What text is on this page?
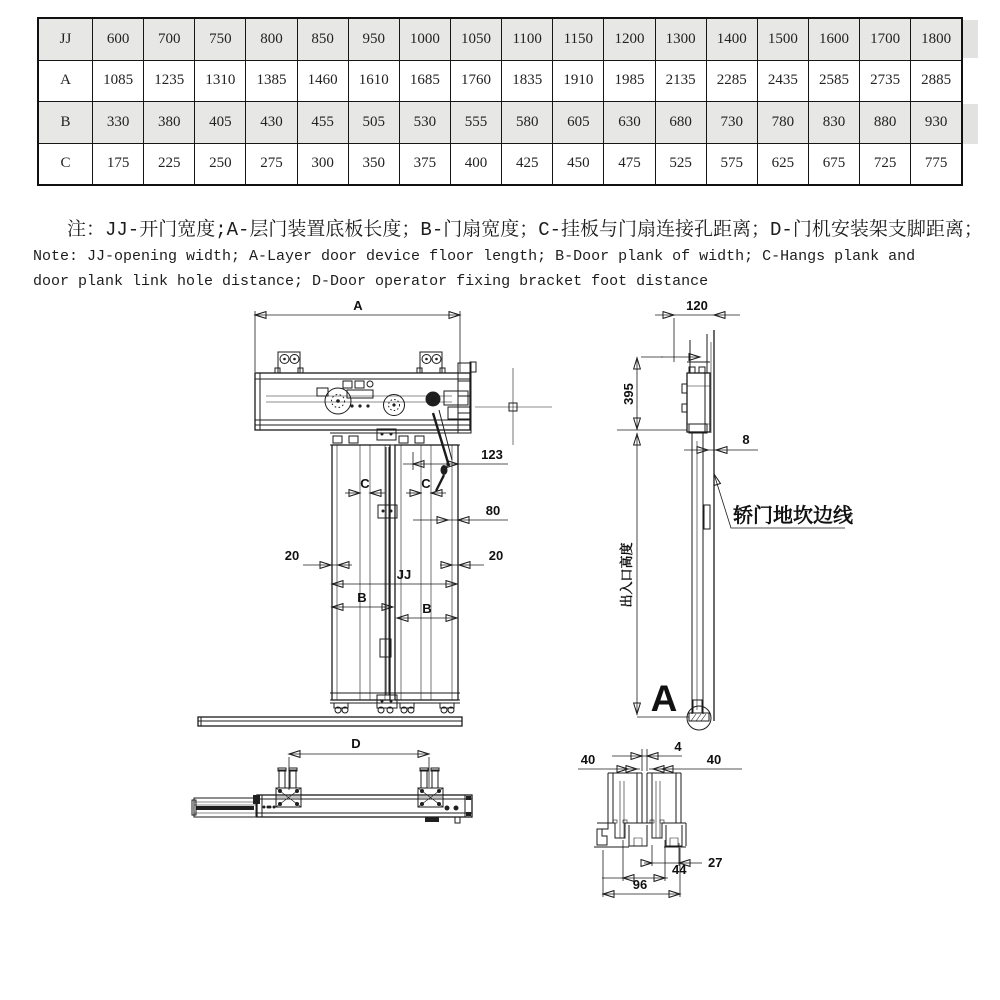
JJ	600	700	750	800	850	950	1000	1050	1100	1150	1200	1300	1400	1500	1600	1700	1800
A	1085	1235	1310	1385	1460	1610	1685	1760	1835	1910	1985	2135	2285	2435	2585	2735	2885
B	330	380	405	430	455	505	530	555	580	605	630	680	730	780	830	880	930
C	175	225	250	275	300	350	375	400	425	450	475	525	575	625	675	725	775
注：JJ-开门宽度;A-层门装置底板长度；B-门扇宽度；C-挂板与门扇连接孔距离；D-门机安装架支脚距离；
Note: JJ-opening width; A-Layer door device floor length; B-Door plank of width; C-Hangs plank and
door plank link hole distance; D-Door operator fixing bracket foot distance
A
123
C	C
80
20	20
JJ
B
B
120
395
出入口高度
8
轿门地坎边线
A
D	4
40	40
27
44
96
